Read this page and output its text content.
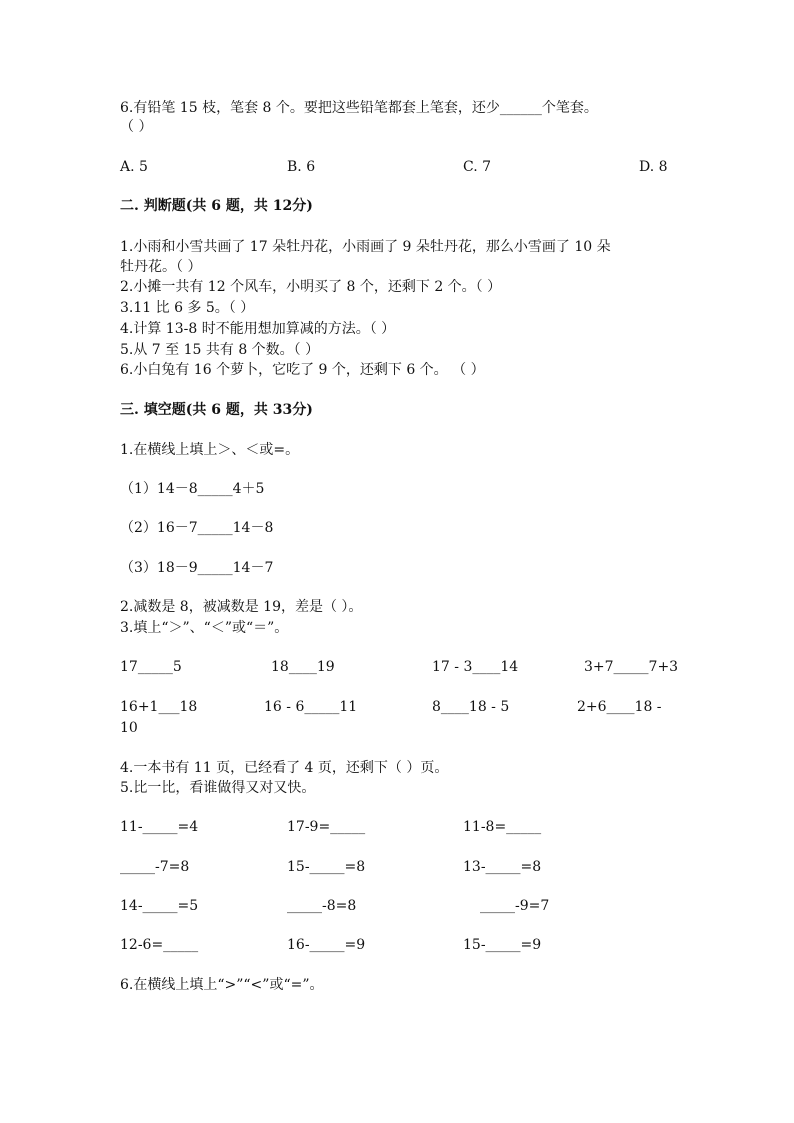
6.有铅笔 15 枝，笔套 8 个。要把这些铅笔都套上笔套，还少______个笔套。
（ ）
A. 5	B. 6	C. 7	D. 8
二. 判断题(共 6 题，共 12分)
1.小雨和小雪共画了 17 朵牡丹花，小雨画了 9 朵牡丹花，那么小雪画了 10 朵
牡丹花。（ ）
2.小摊一共有 12 个风车，小明买了 8 个，还剩下 2 个。（ ）
3.11 比 6 多 5。（ ）
4.计算 13-8 时不能用想加算减的方法。（ ）
5.从 7 至 15 共有 8 个数。（ ）
6.小白兔有 16 个萝卜，它吃了 9 个，还剩下 6 个。 （ ）
三. 填空题(共 6 题，共 33分)
1.在横线上填上＞、＜或=。
（1）14－8_____4＋5
（2）16－7_____14－8
（3）18－9_____14－7
2.减数是 8，被减数是 19，差是（ ）。
3.填上“＞”、“＜”或“＝”。
17_____5	18____19	17 - 3____14	3+7_____7+3
16+1___18	16 - 6_____11	8____18 - 5	2+6____18 -
10
4.一本书有 11 页，已经看了 4 页，还剩下（ ）页。
5.比一比，看谁做得又对又快。
11-_____=4	17-9=_____	11-8=_____
_____-7=8	15-_____=8	13-_____=8
14-_____=5	_____-8=8	_____-9=7
12-6=_____	16-_____=9	15-_____=9
6.在横线上填上“>”“<”或“=”。
